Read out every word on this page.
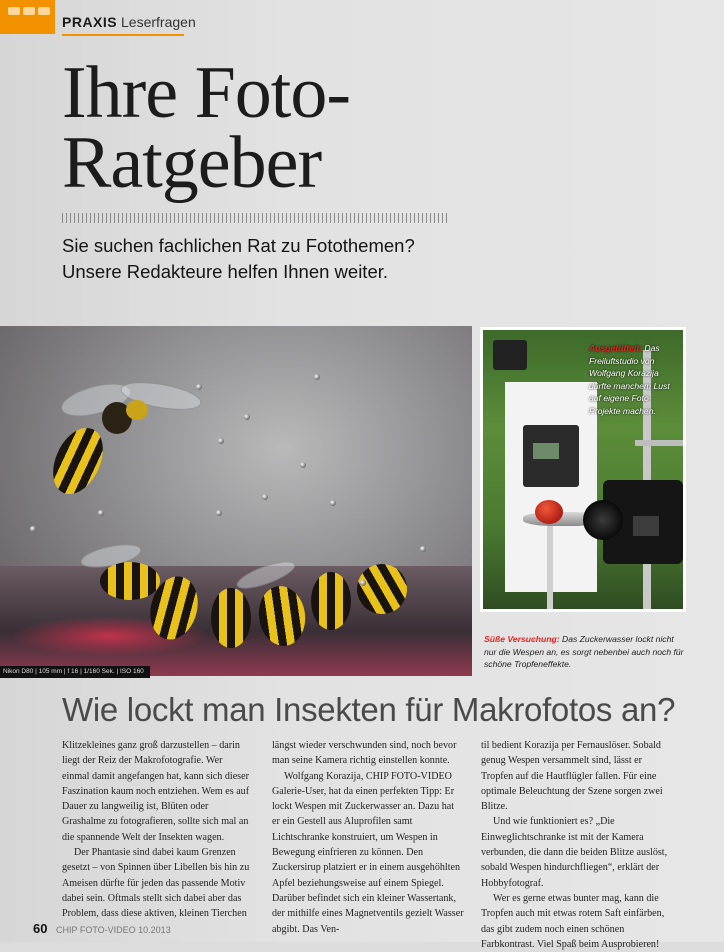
PRAXIS Leserfragen
Ihre Foto-
Ratgeber
Sie suchen fachlichen Rat zu Fotothemen?
Unsere Redakteure helfen Ihnen weiter.
Nikon D80 | 105 mm | f 16 | 1/160 Sek. | ISO 160
Ausgetüftelt: Das Freiluftstudio von Wolfgang Korazija dürfte manchem Lust auf eigene Foto-Projekte machen.
Süße Versuchung: Das Zuckerwasser lockt nicht nur die Wespen an, es sorgt nebenbei auch noch für schöne Tropfeneffekte.
Wie lockt man Insekten für Makrofotos an?

Klitzekleines ganz groß darzustellen – darin liegt der Reiz der Makrofotografie. Wer einmal damit angefangen hat, kann sich dieser Faszination kaum noch entziehen. Wem es auf Dauer zu langweilig ist, Blüten oder Grashalme zu fotografieren, sollte sich mal an die spannende Welt der Insekten wagen.

Der Phantasie sind dabei kaum Grenzen gesetzt – von Spinnen über Libellen bis hin zu Ameisen dürfte für jeden das passende Motiv dabei sein. Oftmals stellt sich dabei aber das Problem, dass diese aktiven, kleinen Tierchen

längst wieder verschwunden sind, noch bevor man seine Kamera richtig einstellen konnte.

Wolfgang Korazija, CHIP FOTO-VIDEO Galerie-User, hat da einen perfekten Tipp: Er lockt Wespen mit Zuckerwasser an. Dazu hat er ein Gestell aus Aluprofilen samt Lichtschranke konstruiert, um Wespen in Bewegung einfrieren zu können. Den Zuckersirup platziert er in einem ausgehöhlten Apfel beziehungsweise auf einem Spiegel. Darüber befindet sich ein kleiner Wassertank, der mithilfe eines Magnetventils gezielt Wasser abgibt. Das Ven-

til bedient Korazija per Fernauslöser. Sobald genug Wespen versammelt sind, lässt er Tropfen auf die Hautflügler fallen. Für eine optimale Beleuchtung der Szene sorgen zwei Blitze.

Und wie funktioniert es? „Die Einweglichtschranke ist mit der Kamera verbunden, die dann die beiden Blitze auslöst, sobald Wespen hindurchfliegen“, erklärt der Hobbyfotograf.

Wer es gerne etwas bunter mag, kann die Tropfen auch mit etwas rotem Saft einfärben, das gibt zudem noch einen schönen Farbkontrast. Viel Spaß beim Ausprobieren!

60 CHIP FOTO-VIDEO 10.2013
